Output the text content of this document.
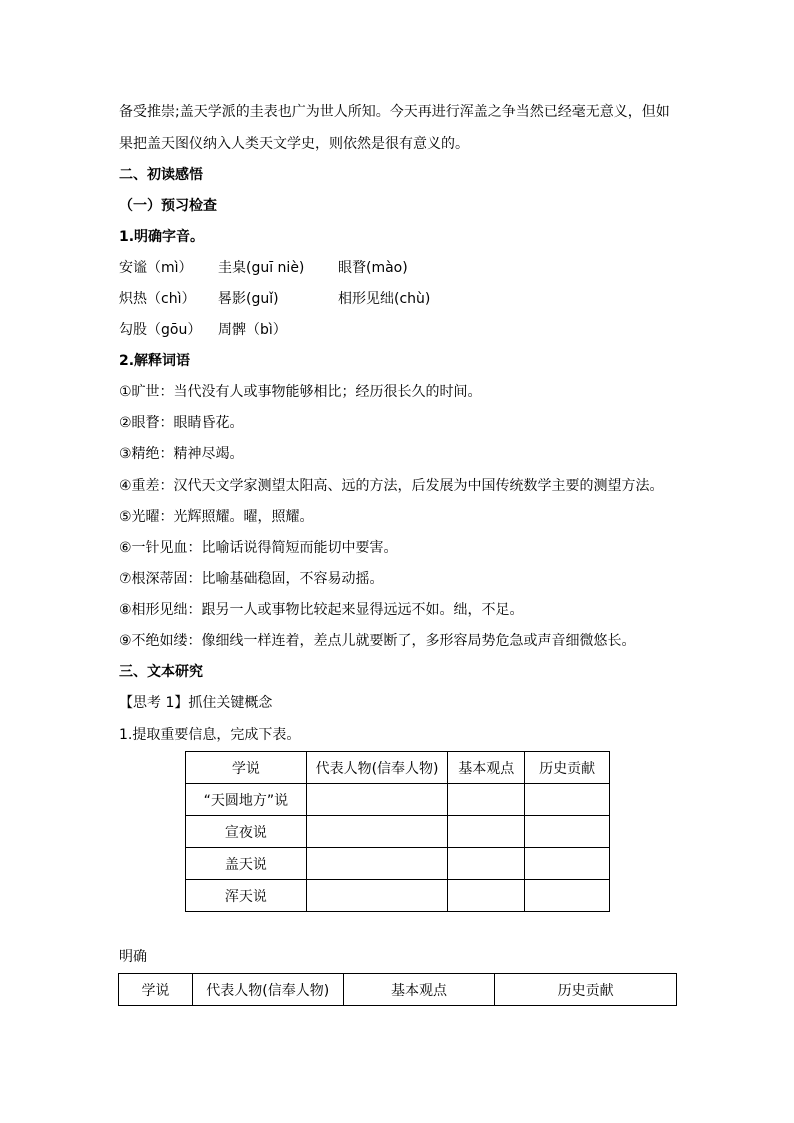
备受推崇;盖天学派的圭表也广为世人所知。今天再进行浑盖之争当然已经毫无意义，但如
果把盖天图仪纳入人类天文学史，则依然是很有意义的。
二、初读感悟
（一）预习检查
1.明确字音。
安谧（mì） 圭臬(guī niè) 眼瞀(mào)
炽热（chì） 晷影(guǐ)	相形见绌(chù)
勾股（gōu） 周髀（bì）
2.解释词语
①旷世：当代没有人或事物能够相比；经历很长久的时间。
②眼瞀：眼睛昏花。
③精绝：精神尽竭。
④重差：汉代天文学家测望太阳高、远的方法，后发展为中国传统数学主要的测望方法。
⑤光曜：光辉照耀。曜，照耀。
⑥一针见血：比喻话说得简短而能切中要害。
⑦根深蒂固：比喻基础稳固，不容易动摇。
⑧相形见绌：跟另一人或事物比较起来显得远远不如。绌，不足。
⑨不绝如缕：像细线一样连着，差点儿就要断了，多形容局势危急或声音细微悠长。
三、文本研究
【思考 1】抓住关键概念
1.提取重要信息，完成下表。
学说	代表人物(信奉人物)	基本观点	历史贡献
“天圆地方”说			
宣夜说			
盖天说			
浑天说			
明确
学说	代表人物(信奉人物)	基本观点	历史贡献
